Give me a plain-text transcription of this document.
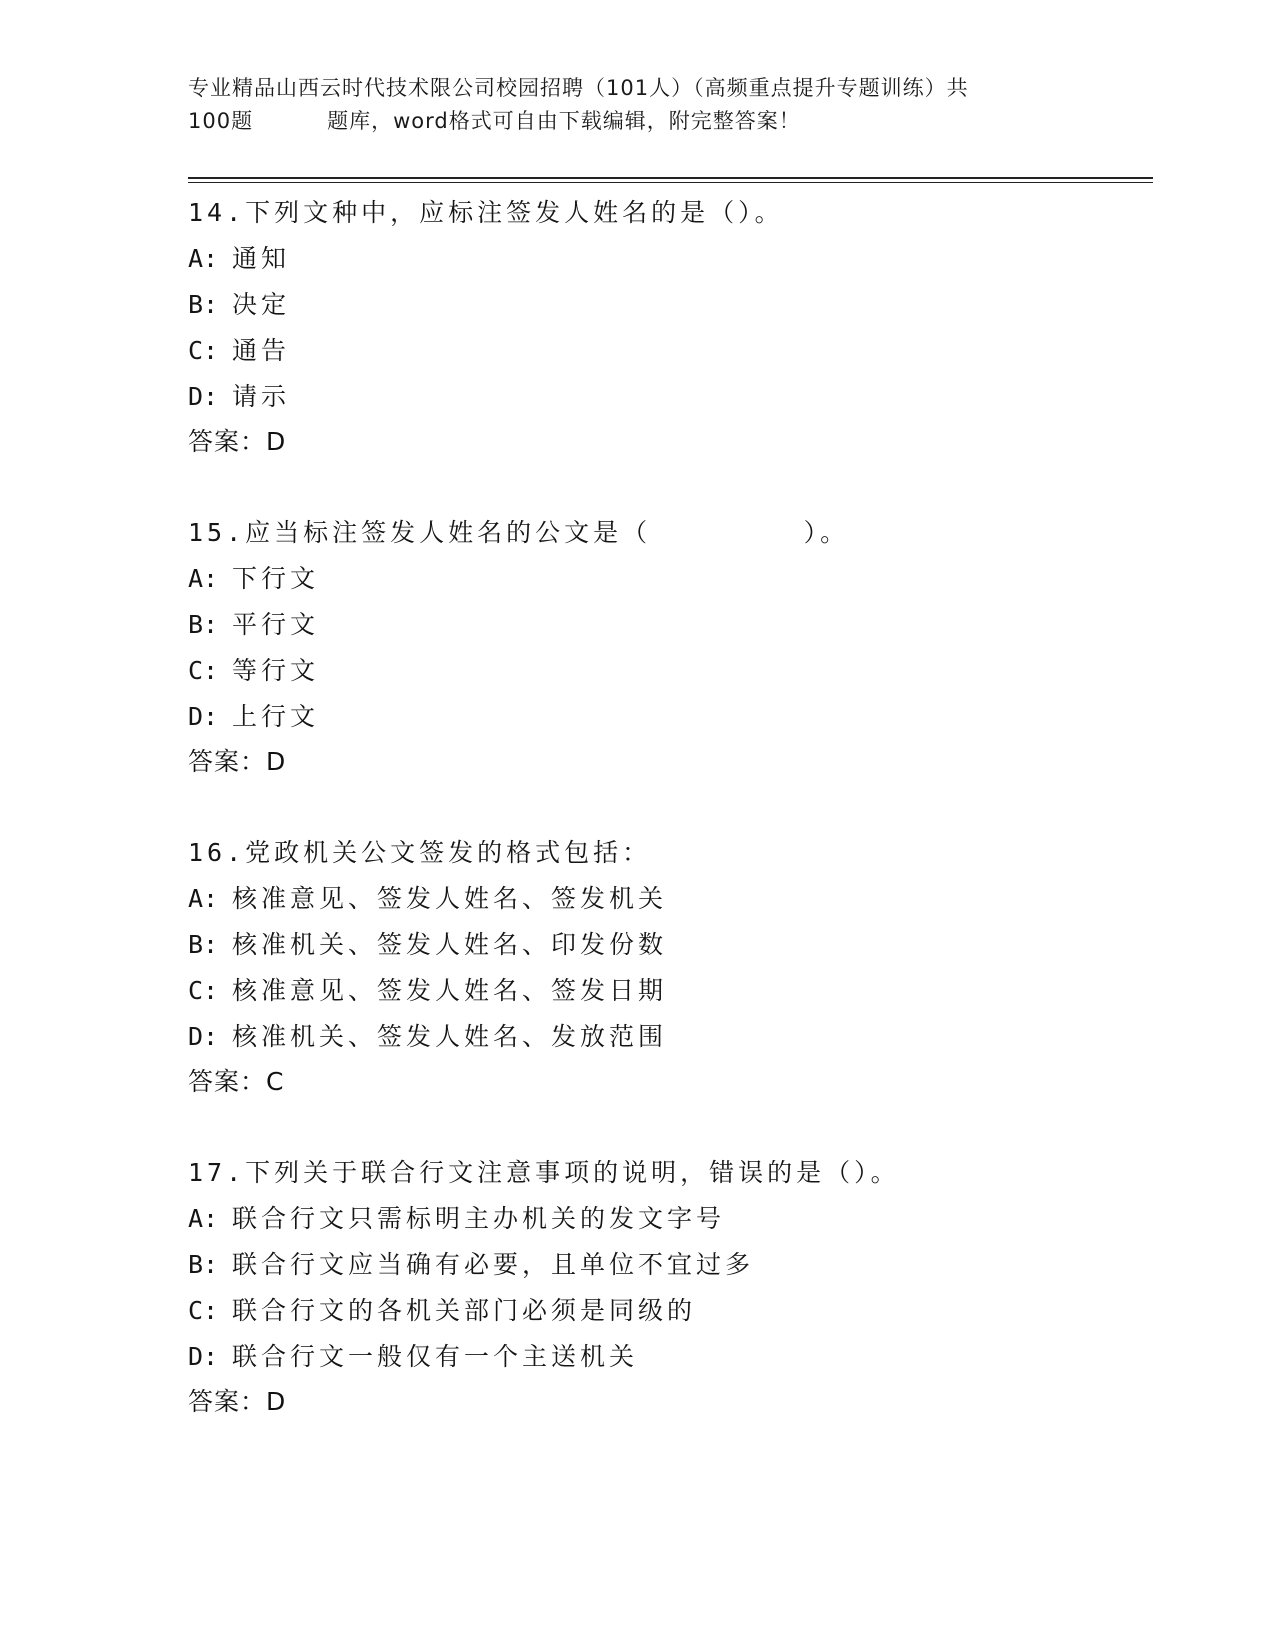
专业精品山西云时代技术限公司校园招聘（101人）（高频重点提升专题训练）共
100题	题库，word格式可自由下载编辑，附完整答案！
14.下列文种中，应标注签发人姓名的是（）。
A: 通知
B: 决定
C: 通告
D: 请示
答案：D
15.应当标注签发人姓名的公文是（        ）。
A: 下行文
B: 平行文
C: 等行文
D: 上行文
答案：D
16.党政机关公文签发的格式包括：
A: 核准意见、签发人姓名、签发机关
B: 核准机关、签发人姓名、印发份数
C: 核准意见、签发人姓名、签发日期
D: 核准机关、签发人姓名、发放范围
答案：C
17.下列关于联合行文注意事项的说明，错误的是（）。
A: 联合行文只需标明主办机关的发文字号
B: 联合行文应当确有必要，且单位不宜过多
C: 联合行文的各机关部门必须是同级的
D: 联合行文一般仅有一个主送机关
答案：D
